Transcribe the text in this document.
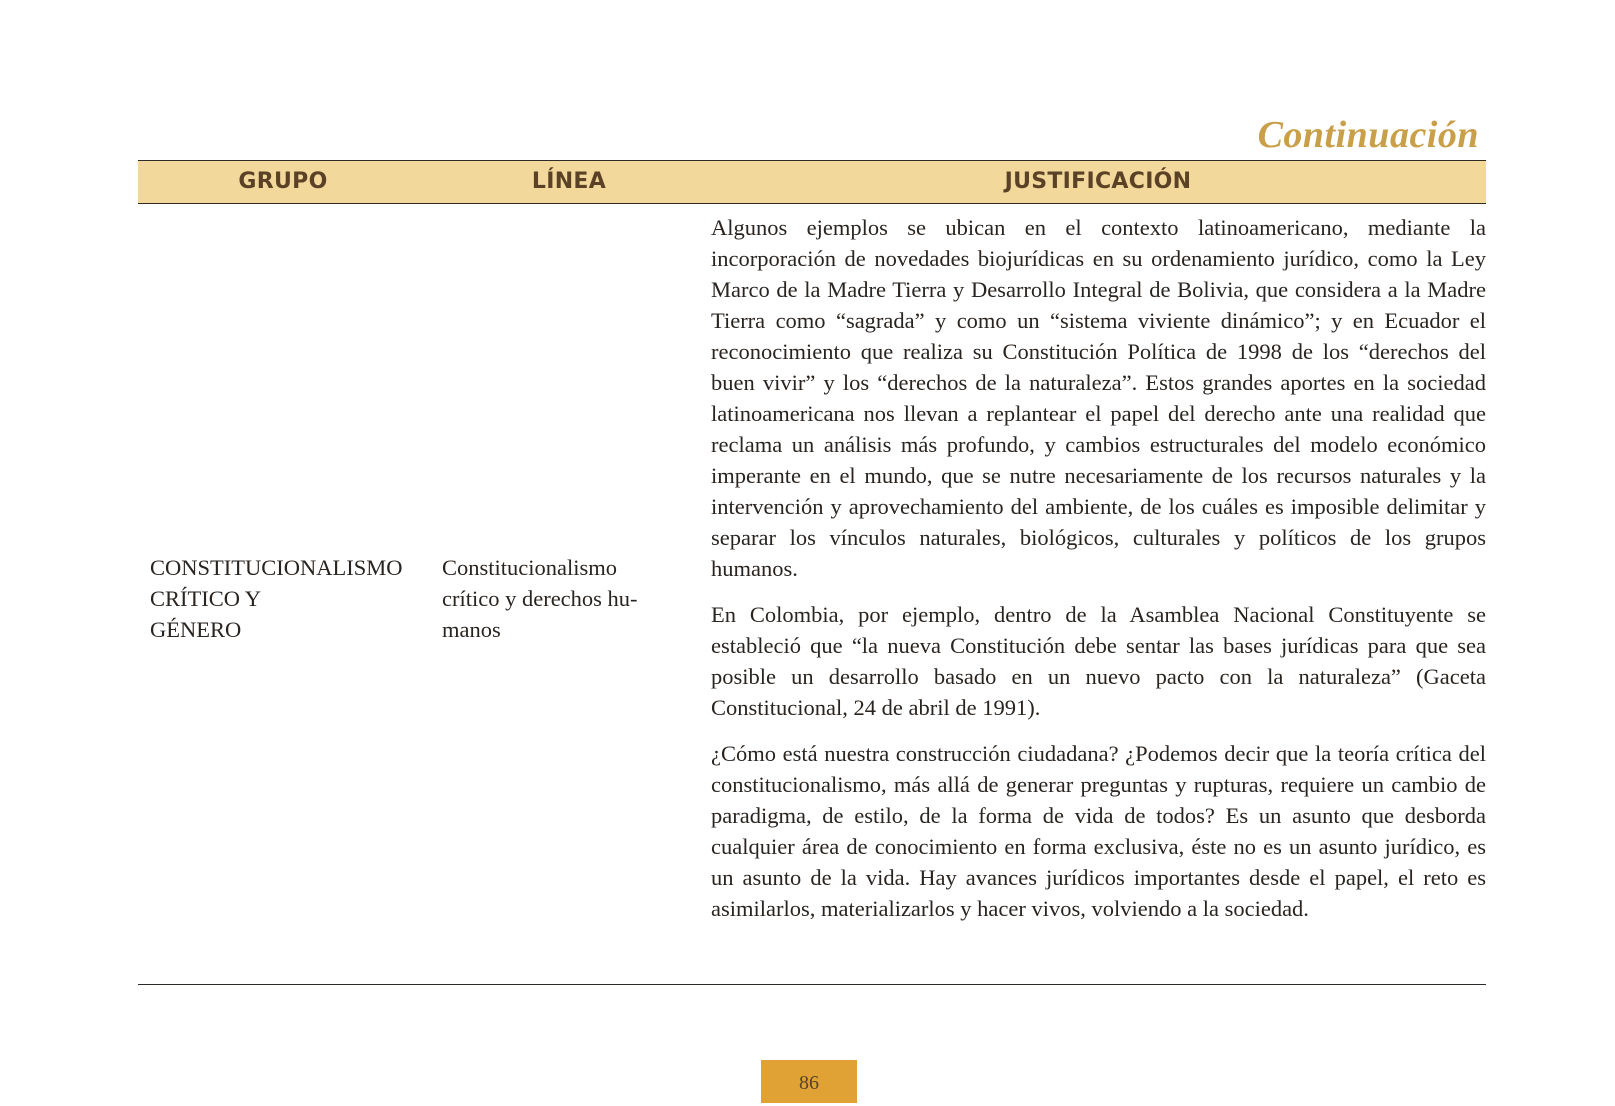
Continuación
GRUPO	LÍNEA	JUSTIFICACIÓN
CONSTITUCIONALISMO
CRÍTICO Y
GÉNERO
Constitucionalismo
crítico y derechos hu-
manos

Algunos ejemplos se ubican en el contexto latinoamericano, mediante la incorporación de novedades biojurídicas en su ordenamiento jurídico, como la Ley Marco de la Madre Tierra y Desarrollo Integral de Bolivia, que considera a la Madre Tierra como “sagrada” y como un “sistema viviente dinámico”; y en Ecuador el reconocimiento que realiza su Constitución Política de 1998 de los “derechos del buen vivir” y los “derechos de la naturaleza”. Estos grandes aportes en la sociedad latinoamericana nos llevan a replantear el papel del derecho ante una realidad que reclama un análisis más profundo, y cambios estructurales del modelo económico imperante en el mundo, que se nutre necesariamente de los recursos naturales y la intervención y aprovechamiento del ambiente, de los cuáles es imposible delimitar y separar los vínculos naturales, biológicos, culturales y políticos de los grupos humanos.

En Colombia, por ejemplo, dentro de la Asamblea Nacional Constituyente se estableció que “la nueva Constitución debe sentar las bases jurídicas para que sea posible un desarrollo basado en un nuevo pacto con la naturaleza” (Gaceta Constitucional, 24 de abril de 1991).

¿Cómo está nuestra construcción ciudadana? ¿Podemos decir que la teoría crítica del constitucionalismo, más allá de generar preguntas y rupturas, requiere un cambio de paradigma, de estilo, de la forma de vida de todos? Es un asunto que desborda cualquier área de conocimiento en forma exclusiva, éste no es un asunto jurídico, es un asunto de la vida. Hay avances jurídicos importantes desde el papel, el reto es asimilarlos, materializarlos y hacer vivos, volviendo a la sociedad.

86
